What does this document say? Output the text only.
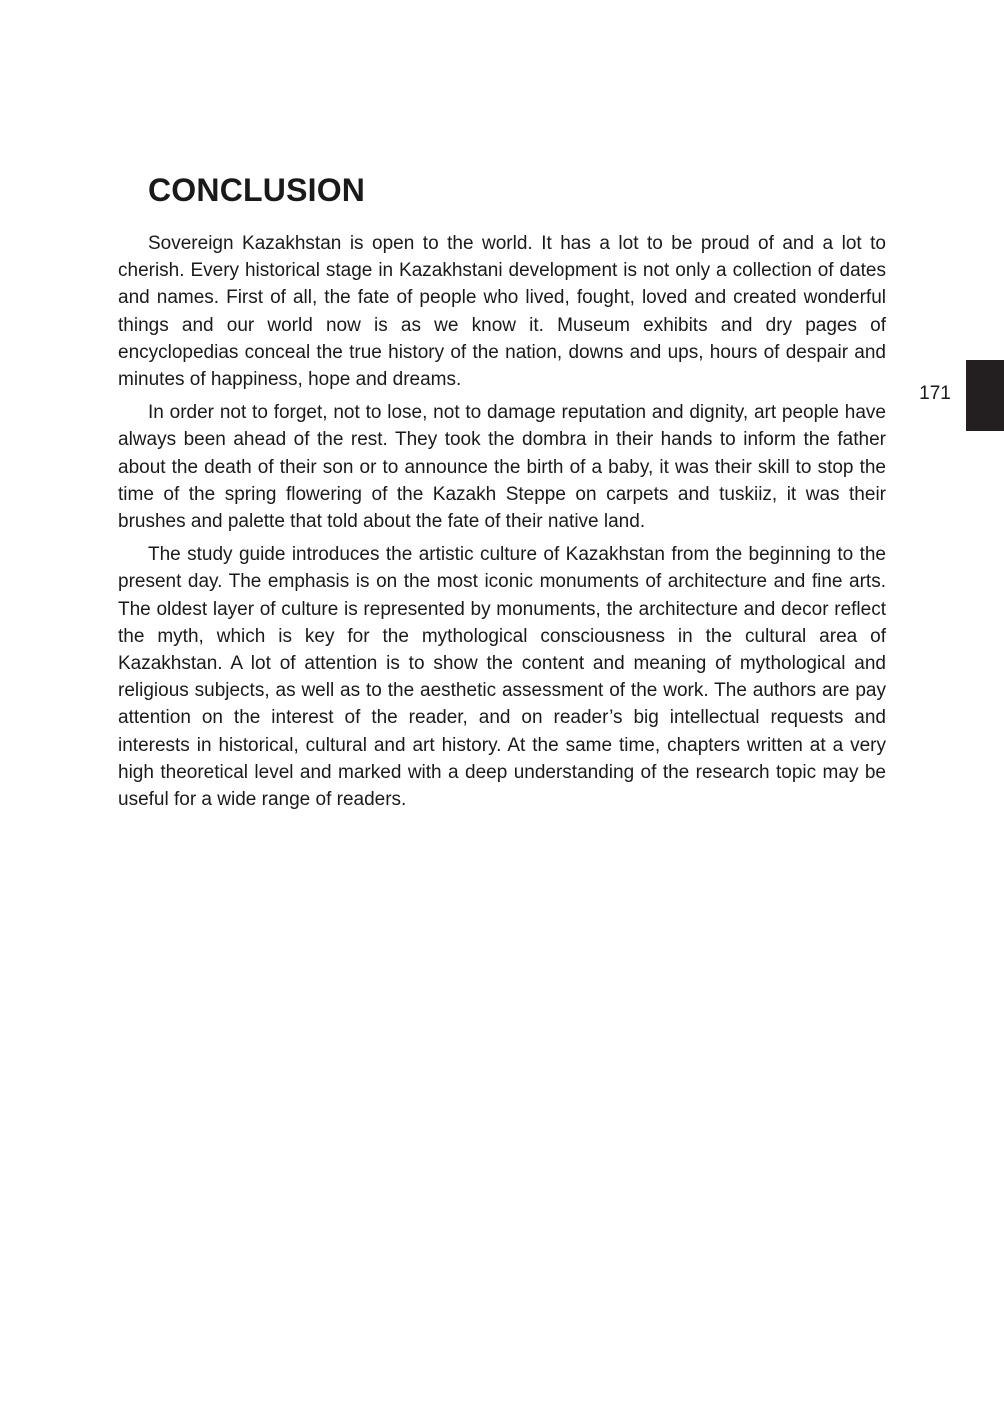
CONCLUSION

Sovereign Kazakhstan is open to the world. It has a lot to be proud of and a lot to cherish. Every historical stage in Kazakhstani development is not only a collection of dates and names. First of all, the fate of people who lived, fought, loved and created wonderful things and our world now is as we know it. Museum exhibits and dry pages of encyclopedias conceal the true history of the nation, downs and ups, hours of despair and minutes of happiness, hope and dreams.

In order not to forget, not to lose, not to damage reputation and dignity, art people have always been ahead of the rest. They took the dombra in their hands to inform the father about the death of their son or to announce the birth of a baby, it was their skill to stop the time of the spring flowering of the Kazakh Steppe on carpets and tuskiiz, it was their brushes and palette that told about the fate of their native land.

The study guide introduces the artistic culture of Kazakhstan from the beginning to the present day. The emphasis is on the most iconic monuments of architecture and fine arts. The oldest layer of culture is represented by monuments, the architecture and decor reflect the myth, which is key for the mythological consciousness in the cultural area of Kazakhstan. A lot of attention is to show the content and meaning of mythological and religious subjects, as well as to the aesthetic assessment of the work. The authors are pay attention on the interest of the reader, and on reader’s big intellectual requests and interests in historical, cultural and art history. At the same time, chapters written at a very high theoretical level and marked with a deep understanding of the research topic may be useful for a wide range of readers.

171
